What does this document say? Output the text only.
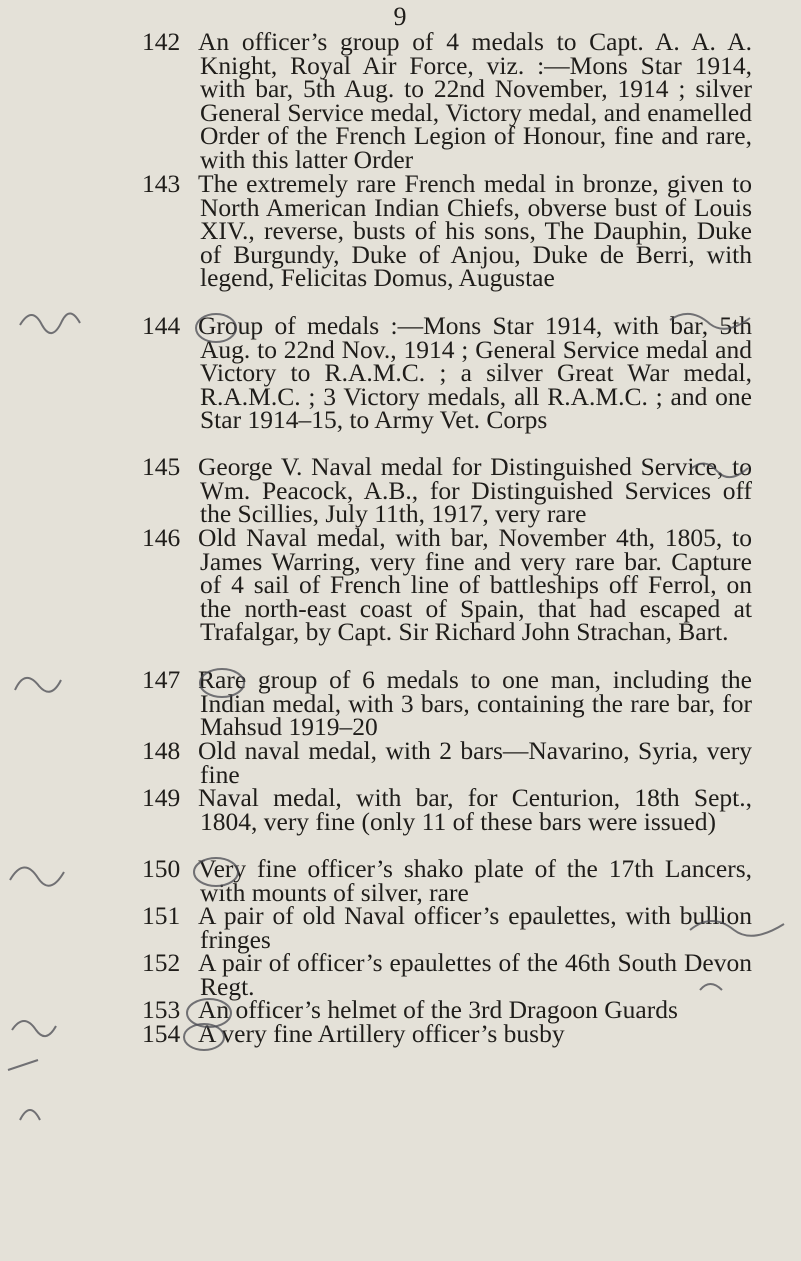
9
142 An officer’s group of 4 medals to Capt. A. A. A. Knight, Royal Air Force, viz. :—Mons Star 1914, with bar, 5th Aug. to 22nd November, 1914 ; silver General Service medal, Victory medal, and enamelled Order of the French Legion of Honour, fine and rare, with this latter Order
143 The extremely rare French medal in bronze, given to North American Indian Chiefs, obverse bust of Louis XIV., reverse, busts of his sons, The Dauphin, Duke of Burgundy, Duke of Anjou, Duke de Berri, with legend, Felicitas Domus, Augustae
144 Group of medals :—Mons Star 1914, with bar, 5th Aug. to 22nd Nov., 1914 ; General Service medal and Victory to R.A.M.C. ; a silver Great War medal, R.A.M.C. ; 3 Victory medals, all R.A.M.C. ; and one Star 1914–15, to Army Vet. Corps
145 George V. Naval medal for Distinguished Service, to Wm. Peacock, A.B., for Distinguished Services off the Scillies, July 11th, 1917, very rare
146 Old Naval medal, with bar, November 4th, 1805, to James Warring, very fine and very rare bar. Capture of 4 sail of French line of battleships off Ferrol, on the north-east coast of Spain, that had escaped at Trafalgar, by Capt. Sir Richard John Strachan, Bart.
147 Rare group of 6 medals to one man, including the Indian medal, with 3 bars, containing the rare bar, for Mahsud 1919–20
148 Old naval medal, with 2 bars—Navarino, Syria, very fine
149 Naval medal, with bar, for Centurion, 18th Sept., 1804, very fine (only 11 of these bars were issued)
150 Very fine officer’s shako plate of the 17th Lancers, with mounts of silver, rare
151 A pair of old Naval officer’s epaulettes, with bullion fringes
152 A pair of officer’s epaulettes of the 46th South Devon Regt.
153 An officer’s helmet of the 3rd Dragoon Guards
154 A very fine Artillery officer’s busby
